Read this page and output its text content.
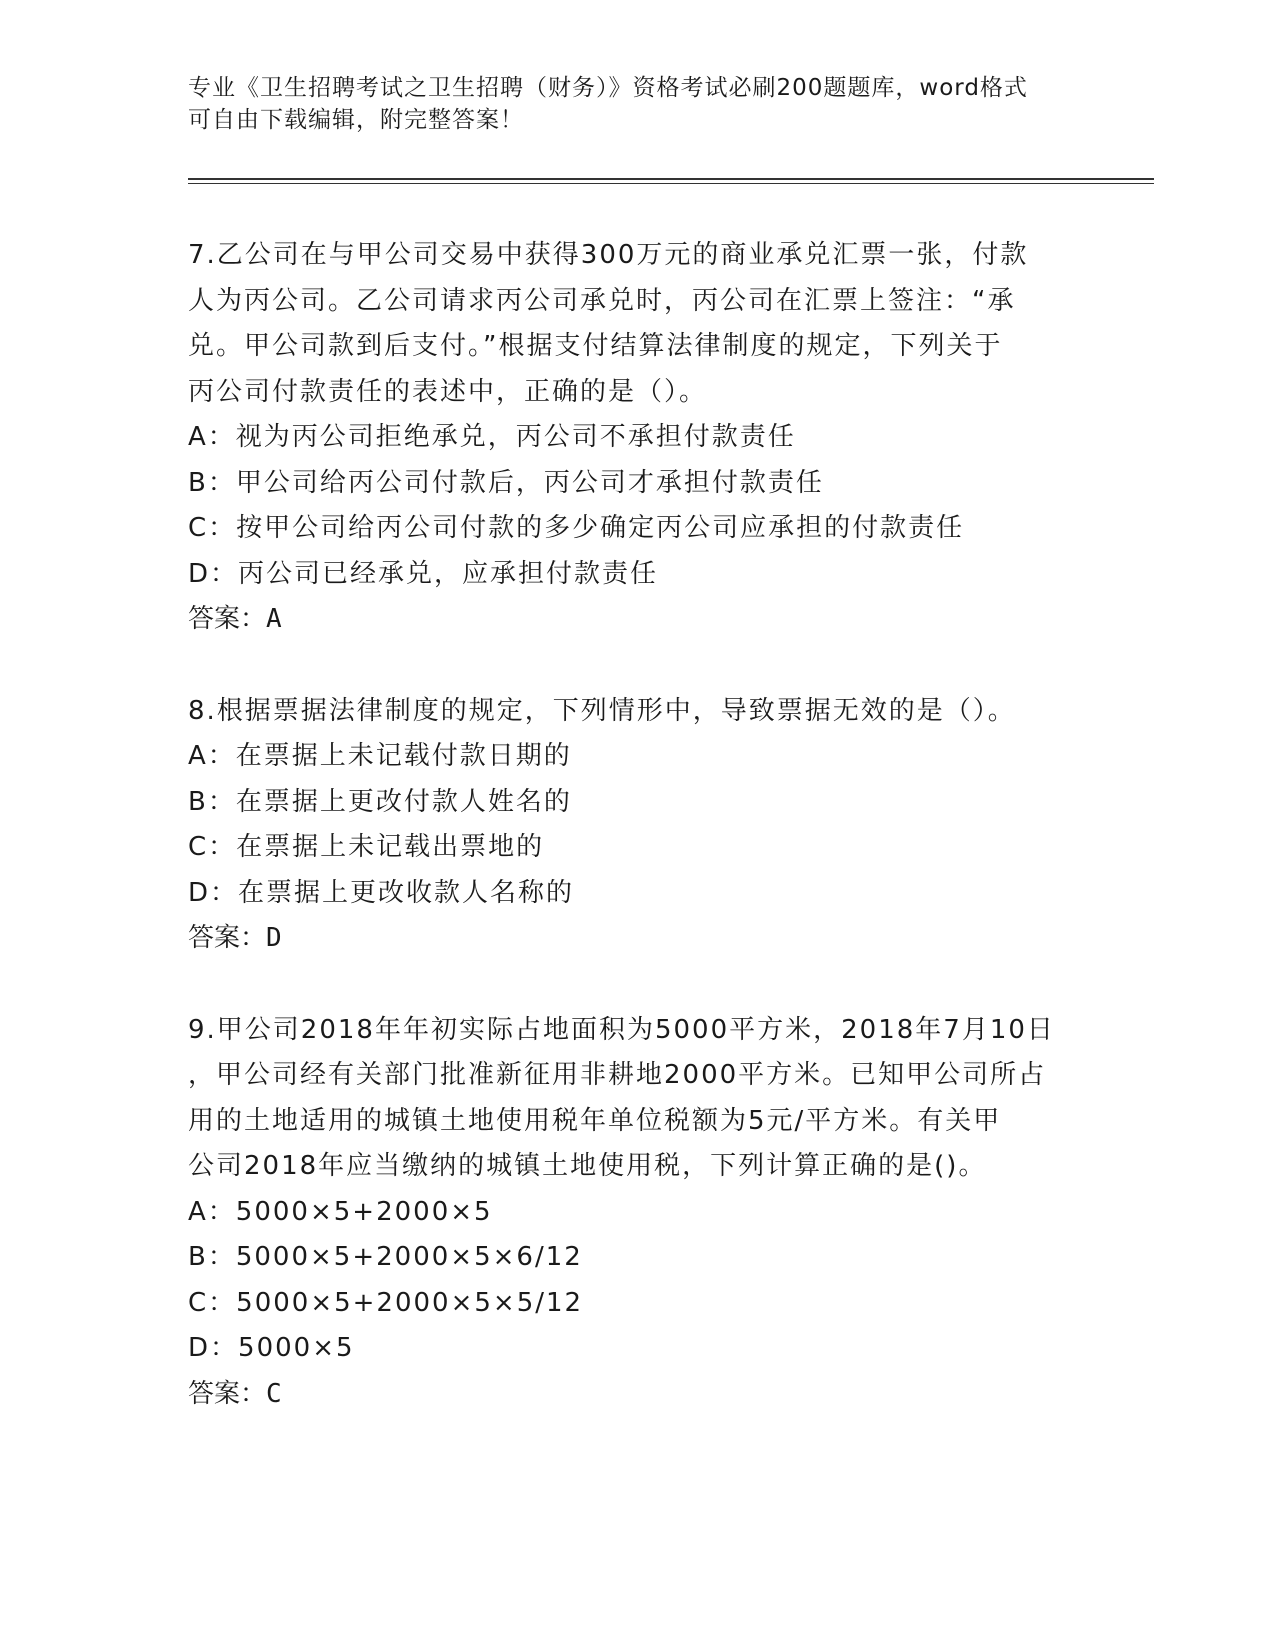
专业《卫生招聘考试之卫生招聘（财务）》资格考试必刷200题题库，word格式
可自由下载编辑，附完整答案！
7.乙公司在与甲公司交易中获得300万元的商业承兑汇票一张，付款
人为丙公司。乙公司请求丙公司承兑时，丙公司在汇票上签注：“承
兑。甲公司款到后支付。”根据支付结算法律制度的规定，下列关于
丙公司付款责任的表述中，正确的是（）。
A：视为丙公司拒绝承兑，丙公司不承担付款责任
B：甲公司给丙公司付款后，丙公司才承担付款责任
C：按甲公司给丙公司付款的多少确定丙公司应承担的付款责任
D：丙公司已经承兑，应承担付款责任
答案：A
8.根据票据法律制度的规定，下列情形中，导致票据无效的是（）。
A：在票据上未记载付款日期的
B：在票据上更改付款人姓名的
C：在票据上未记载出票地的
D：在票据上更改收款人名称的
答案：D
9.甲公司2018年年初实际占地面积为5000平方米，2018年7月10日
，甲公司经有关部门批准新征用非耕地2000平方米。已知甲公司所占
用的土地适用的城镇土地使用税年单位税额为5元/平方米。有关甲
公司2018年应当缴纳的城镇土地使用税，下列计算正确的是()。
A：5000×5+2000×5
B：5000×5+2000×5×6/12
C：5000×5+2000×5×5/12
D：5000×5
答案：C
